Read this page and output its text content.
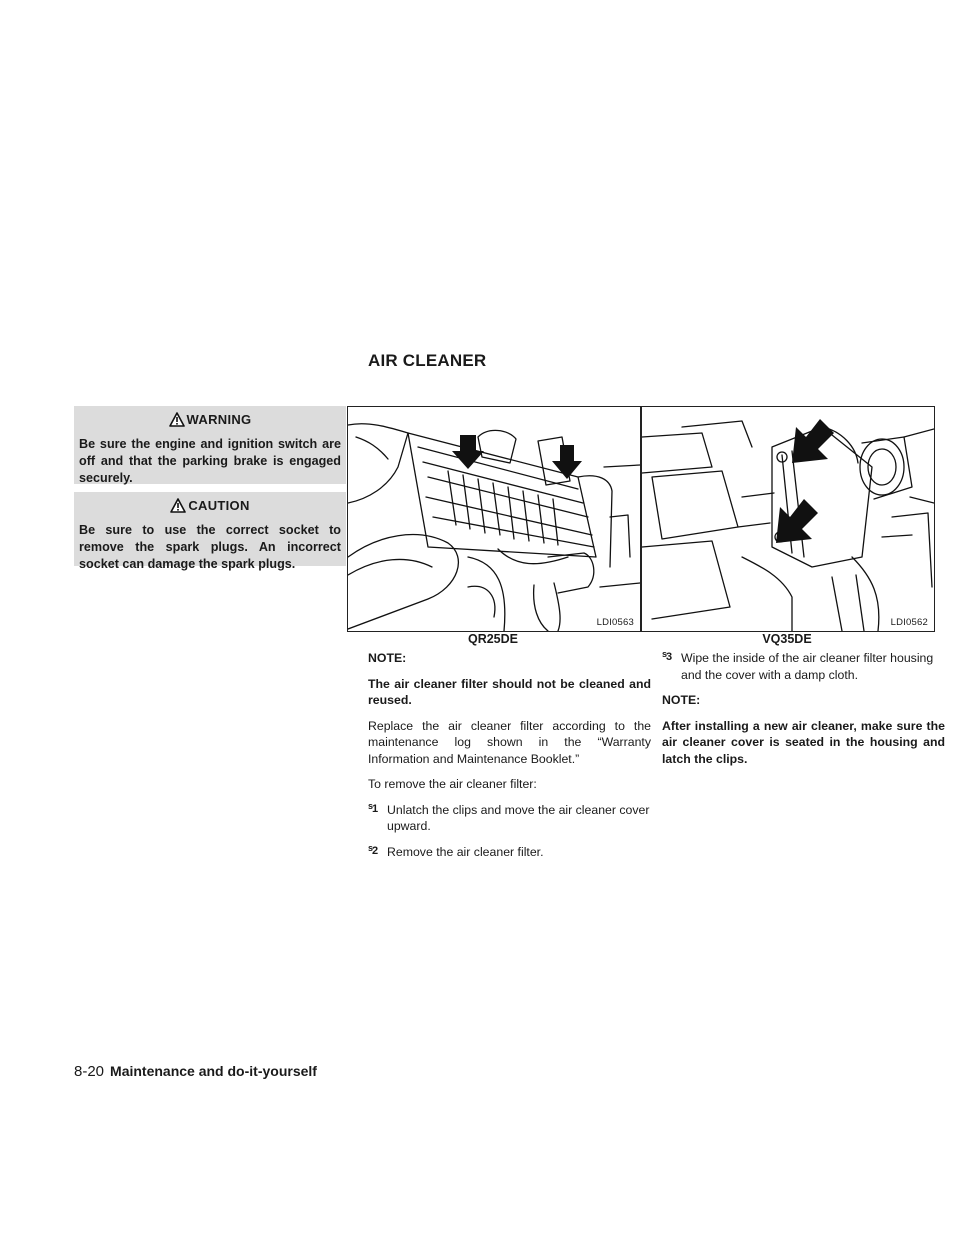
AIR CLEANER
WARNING
Be sure the engine and ignition switch are off and that the parking brake is engaged securely.
CAUTION
Be sure to use the correct socket to remove the spark plugs. An incorrect socket can damage the spark plugs.
LDI0563
QR25DE
LDI0562
VQ35DE

NOTE:

The air cleaner filter should not be cleaned and reused.

Replace the air cleaner filter according to the maintenance log shown in the “Warranty Information and Maintenance Booklet.”

To remove the air cleaner filter:

$^s$1 Unlatch the clips and move the air cleaner cover upward.
$^s$2 Remove the air cleaner filter.
$^s$3 Wipe the inside of the air cleaner filter housing and the cover with a damp cloth.

NOTE:

After installing a new air cleaner, make sure the air cleaner cover is seated in the housing and latch the clips.

8-20 Maintenance and do-it-yourself
